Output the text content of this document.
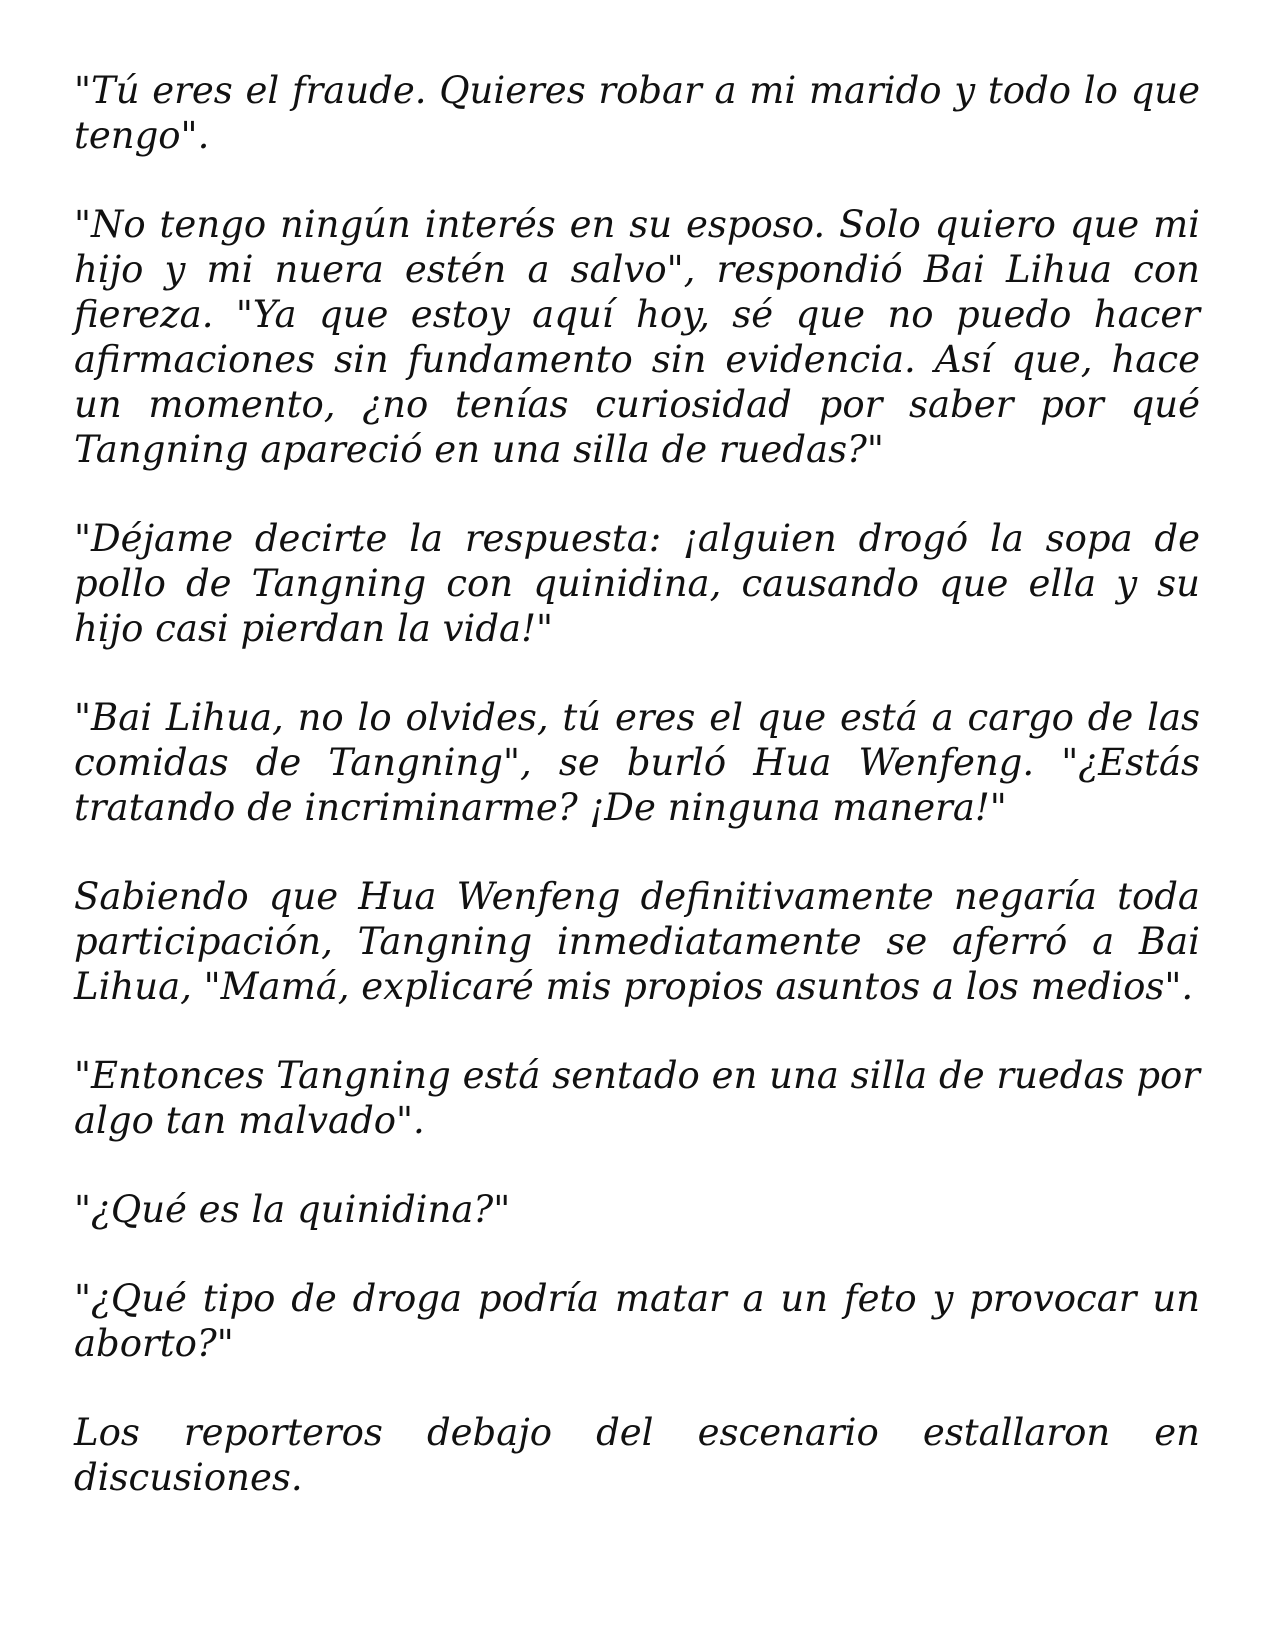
"Tú eres el fraude. Quieres robar a mi marido y todo lo que tengo".

"No tengo ningún interés en su esposo. Solo quiero que mi hijo y mi nuera estén a salvo", respondió Bai Lihua con fiereza. "Ya que estoy aquí hoy, sé que no puedo hacer afirmaciones sin fundamento sin evidencia. Así que, hace un momento, ¿no tenías curiosidad por saber por qué Tangning apareció en una silla de ruedas?"

"Déjame decirte la respuesta: ¡alguien drogó la sopa de pollo de Tangning con quinidina, causando que ella y su hijo casi pierdan la vida!"

"Bai Lihua, no lo olvides, tú eres el que está a cargo de las comidas de Tangning", se burló Hua Wenfeng. "¿Estás tratando de incriminarme? ¡De ninguna manera!"

Sabiendo que Hua Wenfeng definitivamente negaría toda participación, Tangning inmediatamente se aferró a Bai Lihua, "Mamá, explicaré mis propios asuntos a los medios".

"Entonces Tangning está sentado en una silla de ruedas por algo tan malvado".

"¿Qué es la quinidina?"

"¿Qué tipo de droga podría matar a un feto y provocar un aborto?"

Los reporteros debajo del escenario estallaron en discusiones.
